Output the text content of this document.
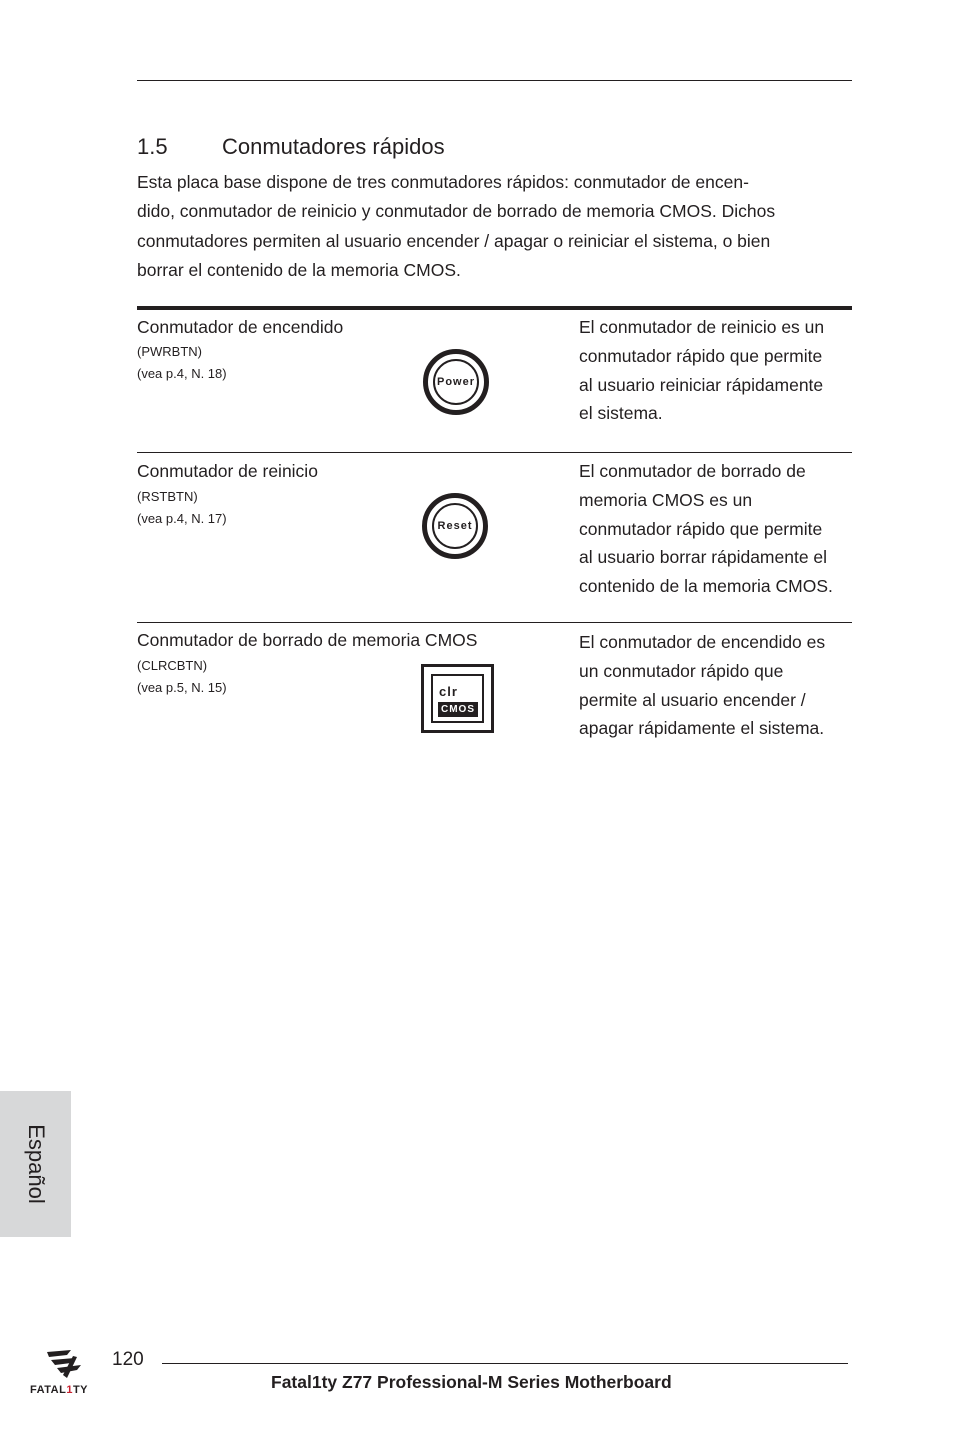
1.5 Conmutadores rápidos

Esta placa base dispone de tres conmutadores rápidos: conmutador de encen-

dido, conmutador de reinicio y conmutador de borrado de memoria CMOS. Dichos

conmutadores permiten al usuario encender / apagar o reiniciar el sistema, o bien

borrar el contenido de la memoria CMOS.

Conmutador de encendido
(PWRBTN)
(vea p.4, N. 18)
Power
El conmutador de reinicio es un
conmutador rápido que permite
al usuario reiniciar rápidamente
el sistema.
Conmutador de reinicio
(RSTBTN)
(vea p.4, N. 17)	Reset
El conmutador de borrado de
memoria CMOS es un
conmutador rápido que permite
al usuario borrar rápidamente el
contenido de la memoria CMOS.
Conmutador de borrado de memoria CMOS
(CLRCBTN)
(vea p.5, N. 15)	clr
CMOS
El conmutador de encendido es
un conmutador rápido que
permite al usuario encender /
apagar rápidamente el sistema.
Español
FATAL1TY
120
Fatal1ty Z77 Professional-M Series Motherboard
